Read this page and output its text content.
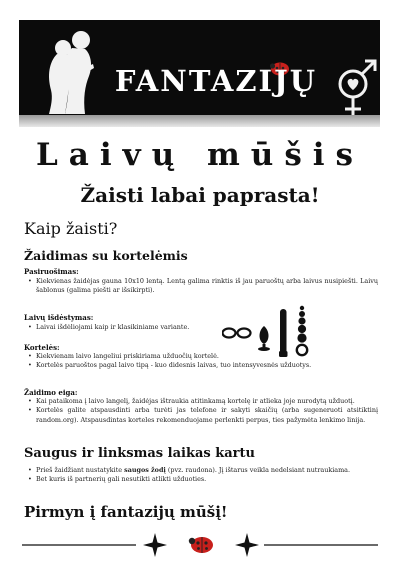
FANTAZIJŲ
Laivų mūšis
Žaisti labai paprasta!
Kaip žaisti?
Žaidimas su kortelėmis
Pasiruošimas:
• Kiekvienas žaidėjas gauna 10x10 lentą. Lentą galima rinktis iš jau paruoštų arba laivus nusipiešti. Laivų šablonus (galima piešti ar išsikirpti).
Laivų išdėstymas:
• Laivai išdėliojami kaip ir klasikiniame variante.
Kortelės:
• Kiekvienam laivo langeliui priskiriama užduočių kortelė.
• Kortelės paruoštos pagal laivo tipą - kuo didesnis laivas, tuo intensyvesnės užduotys.
Žaidimo eiga:
• Kai pataikoma į laivo langelį, žaidėjas ištraukia atitinkamą kortelę ir atlieka joje nurodytą užduotį.
• Kortelės galite atspausdinti arba turėti jas telefone ir sakyti skaičių (arba sugeneruoti atsitiktinį random.org). Atspausdintas korteles rekomenduojame perlenkti perpus, ties pažymėta lenkimo linija.
Saugus ir linksmas laikas kartu
• Prieš žaidžiant nustatykite saugos žodį (pvz. raudona). Jį ištarus veikla nedelsiant nutraukiama.
• Bet kuris iš partnerių gali nesutikti atlikti užduoties.
Pirmyn į fantazijų mūšį!
